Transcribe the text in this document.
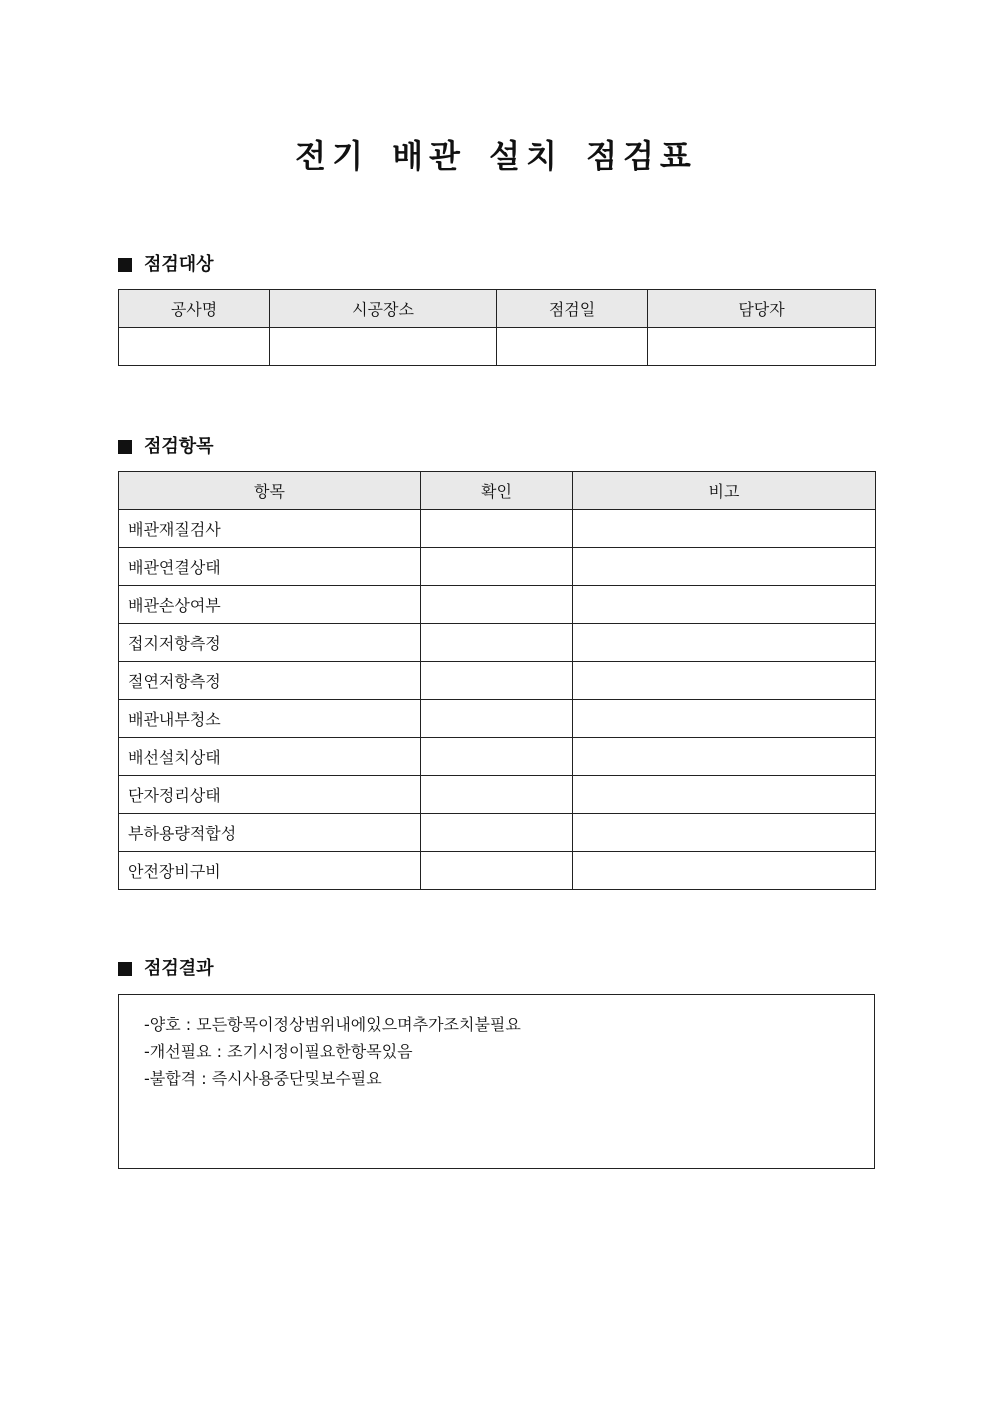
전기 배관 설치 점검표
점검대상
공사명	시공장소	점검일	담당자

점검항목
항목	확인	비고
배관재질검사		
배관연결상태		
배관손상여부		
접지저항측정		
절연저항측정		
배관내부청소		
배선설치상태		
단자정리상태		
부하용량적합성		
안전장비구비		
점검결과
-양호 : 모든항목이정상범위내에있으며추가조치불필요
-개선필요 : 조기시정이필요한항목있음
-불합격 : 즉시사용중단및보수필요
